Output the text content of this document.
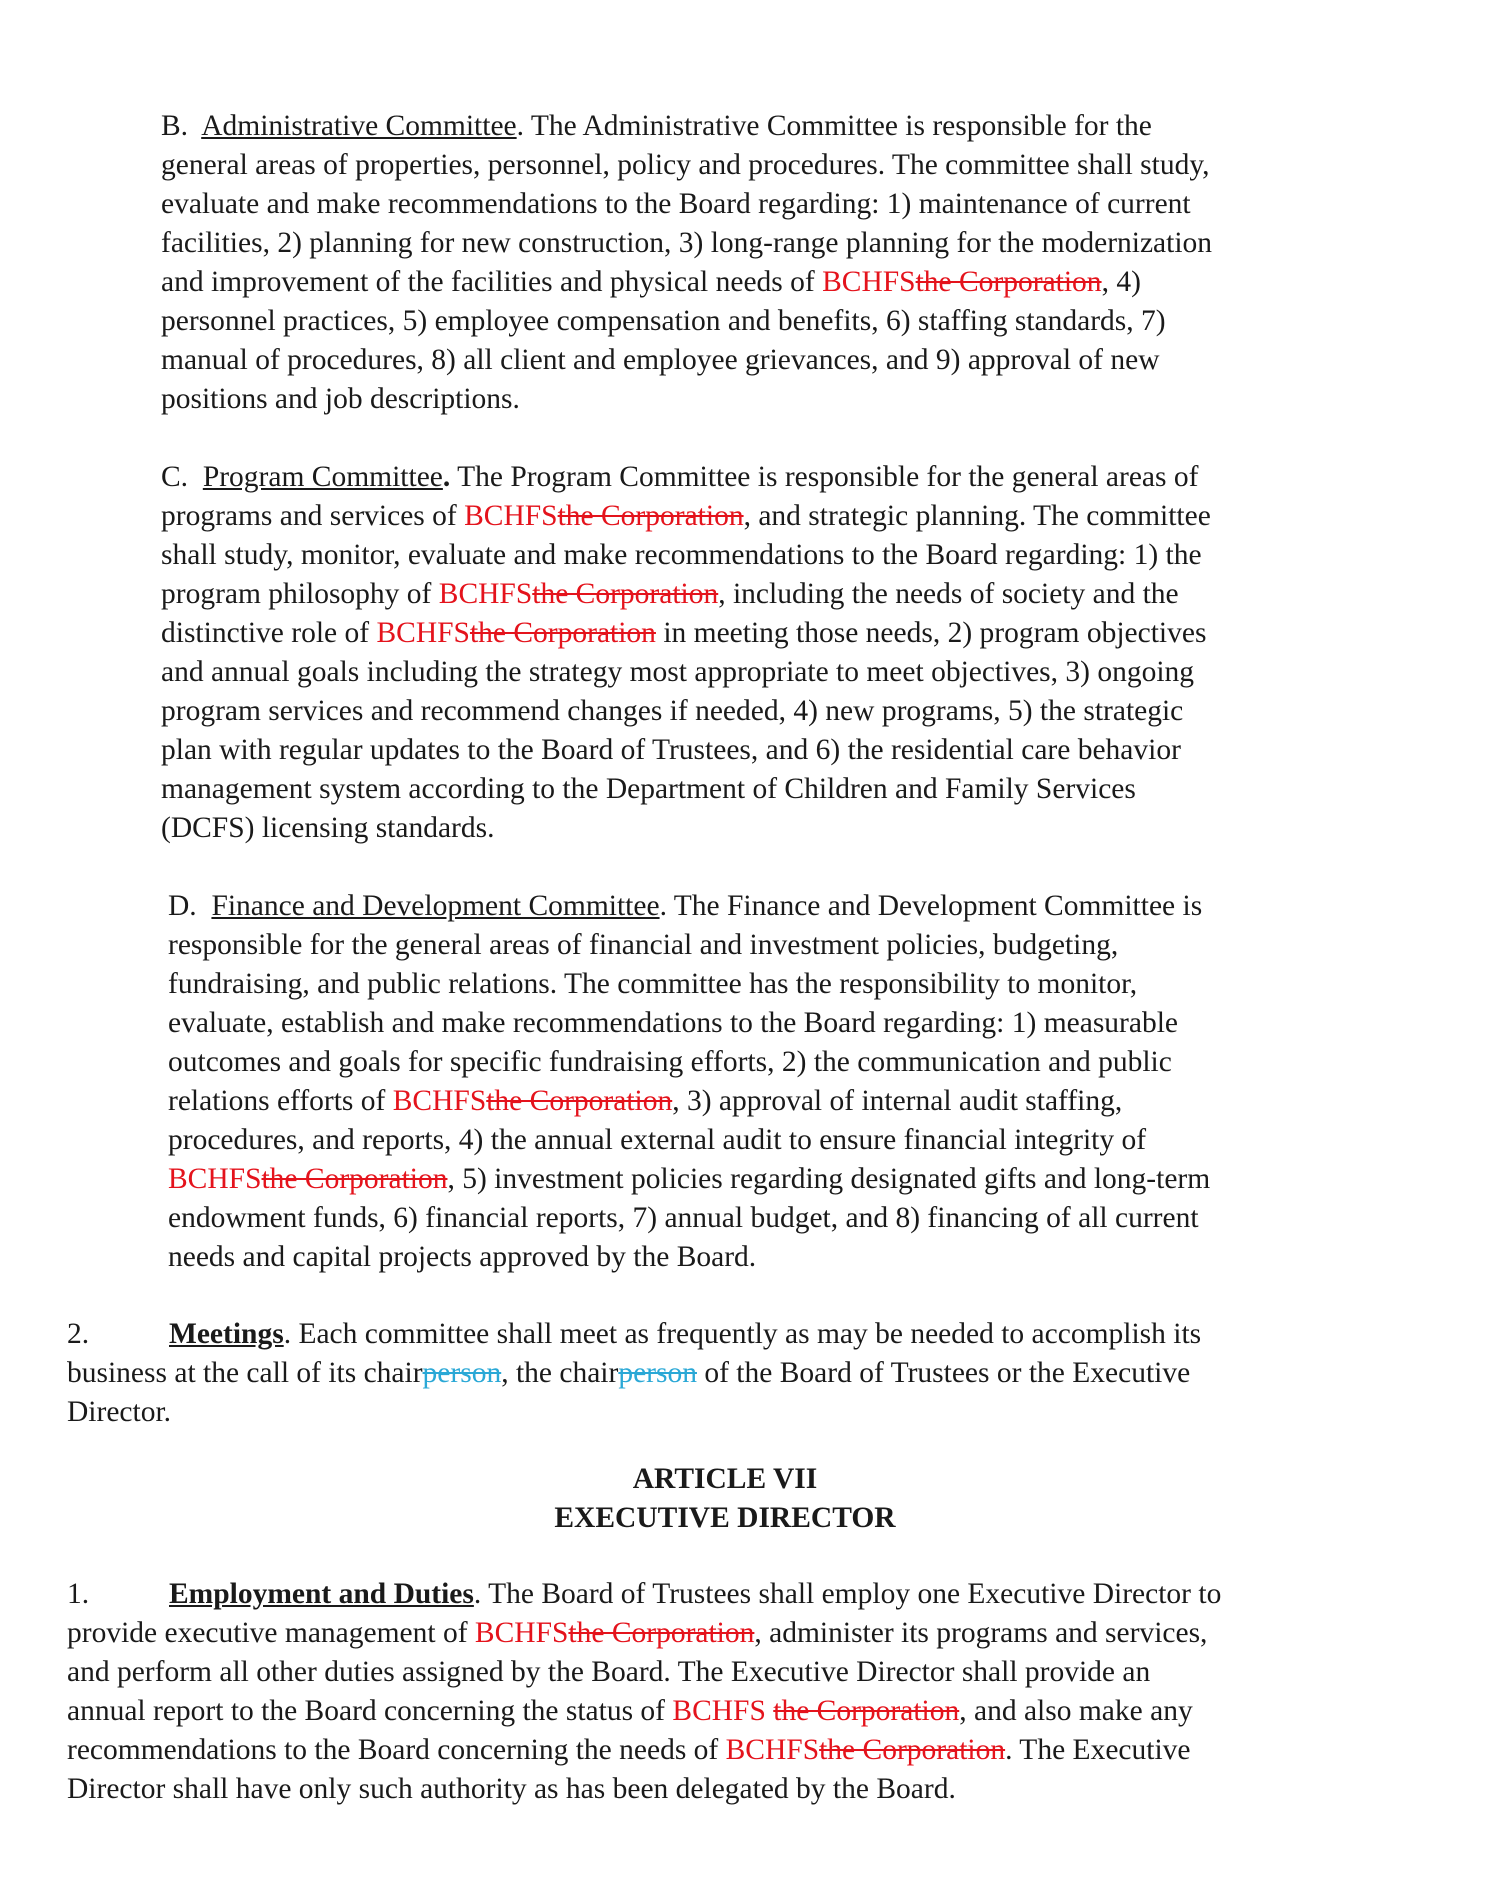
B. Administrative Committee. The Administrative Committee is responsible for the
general areas of properties, personnel, policy and procedures. The committee shall study,
evaluate and make recommendations to the Board regarding: 1) maintenance of current
facilities, 2) planning for new construction, 3) long-range planning for the modernization
and improvement of the facilities and physical needs of BCHFSthe Corporation, 4)
personnel practices, 5) employee compensation and benefits, 6) staffing standards, 7)
manual of procedures, 8) all client and employee grievances, and 9) approval of new
positions and job descriptions.
C. Program Committee. The Program Committee is responsible for the general areas of
programs and services of BCHFSthe Corporation, and strategic planning. The committee
shall study, monitor, evaluate and make recommendations to the Board regarding: 1) the
program philosophy of BCHFSthe Corporation, including the needs of society and the
distinctive role of BCHFSthe Corporation in meeting those needs, 2) program objectives
and annual goals including the strategy most appropriate to meet objectives, 3) ongoing
program services and recommend changes if needed, 4) new programs, 5) the strategic
plan with regular updates to the Board of Trustees, and 6) the residential care behavior
management system according to the Department of Children and Family Services
(DCFS) licensing standards.
D. Finance and Development Committee. The Finance and Development Committee is
responsible for the general areas of financial and investment policies, budgeting,
fundraising, and public relations. The committee has the responsibility to monitor,
evaluate, establish and make recommendations to the Board regarding: 1) measurable
outcomes and goals for specific fundraising efforts, 2) the communication and public
relations efforts of BCHFSthe Corporation, 3) approval of internal audit staffing,
procedures, and reports, 4) the annual external audit to ensure financial integrity of
BCHFSthe Corporation, 5) investment policies regarding designated gifts and long-term
endowment funds, 6) financial reports, 7) annual budget, and 8) financing of all current
needs and capital projects approved by the Board.
2.	Meetings. Each committee shall meet as frequently as may be needed to accomplish its
business at the call of its chairperson, the chairperson of the Board of Trustees or the Executive
Director.
ARTICLE VII
EXECUTIVE DIRECTOR
1.	Employment and Duties. The Board of Trustees shall employ one Executive Director to
provide executive management of BCHFSthe Corporation, administer its programs and services,
and perform all other duties assigned by the Board. The Executive Director shall provide an
annual report to the Board concerning the status of BCHFS the Corporation, and also make any
recommendations to the Board concerning the needs of BCHFSthe Corporation. The Executive
Director shall have only such authority as has been delegated by the Board.
